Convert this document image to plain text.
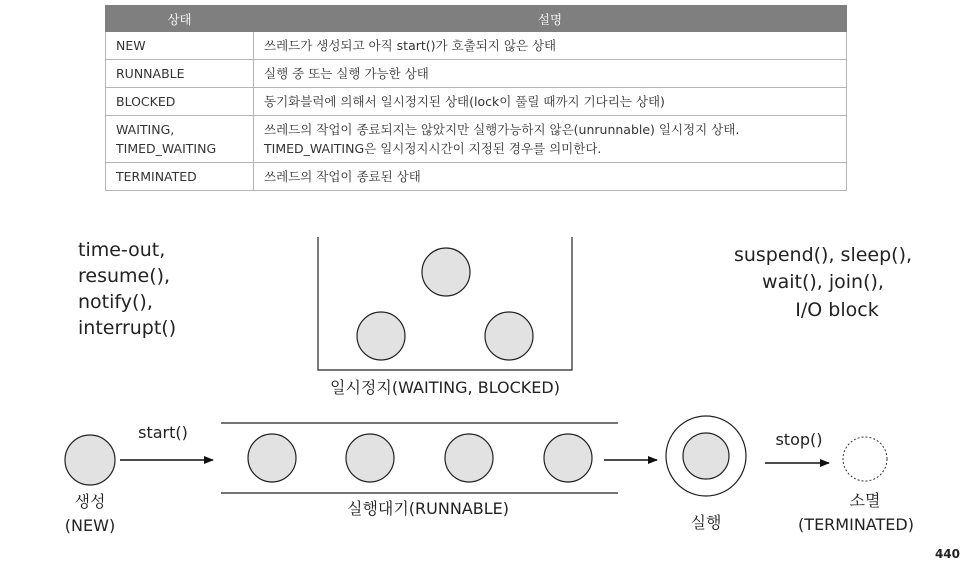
상태	설명

NEW	쓰레드가 생성되고 아직 start()가 호출되지 않은 상태

RUNNABLE	실행 중 또는 실행 가능한 상태

BLOCKED	동기화블럭에 의해서 일시정지된 상태(lock이 풀릴 때까지 기다리는 상태)

WAITING,
TIMED_WAITING	쓰레드의 작업이 종료되지는 않았지만 실행가능하지 않은(unrunnable) 일시정지 상태. TIMED_WAITING은 일시정지시간이 지정된 경우를 의미한다.

TERMINATED	쓰레드의 작업이 종료된 상태
time-out,
resume(),
notify(),
interrupt()
suspend(), sleep(),
wait(), join(),
I/O block
일시정지(WAITING, BLOCKED)
생성
(NEW)
start()
실행대기(RUNNABLE)
실행
stop()
소멸
(TERMINATED)
440
